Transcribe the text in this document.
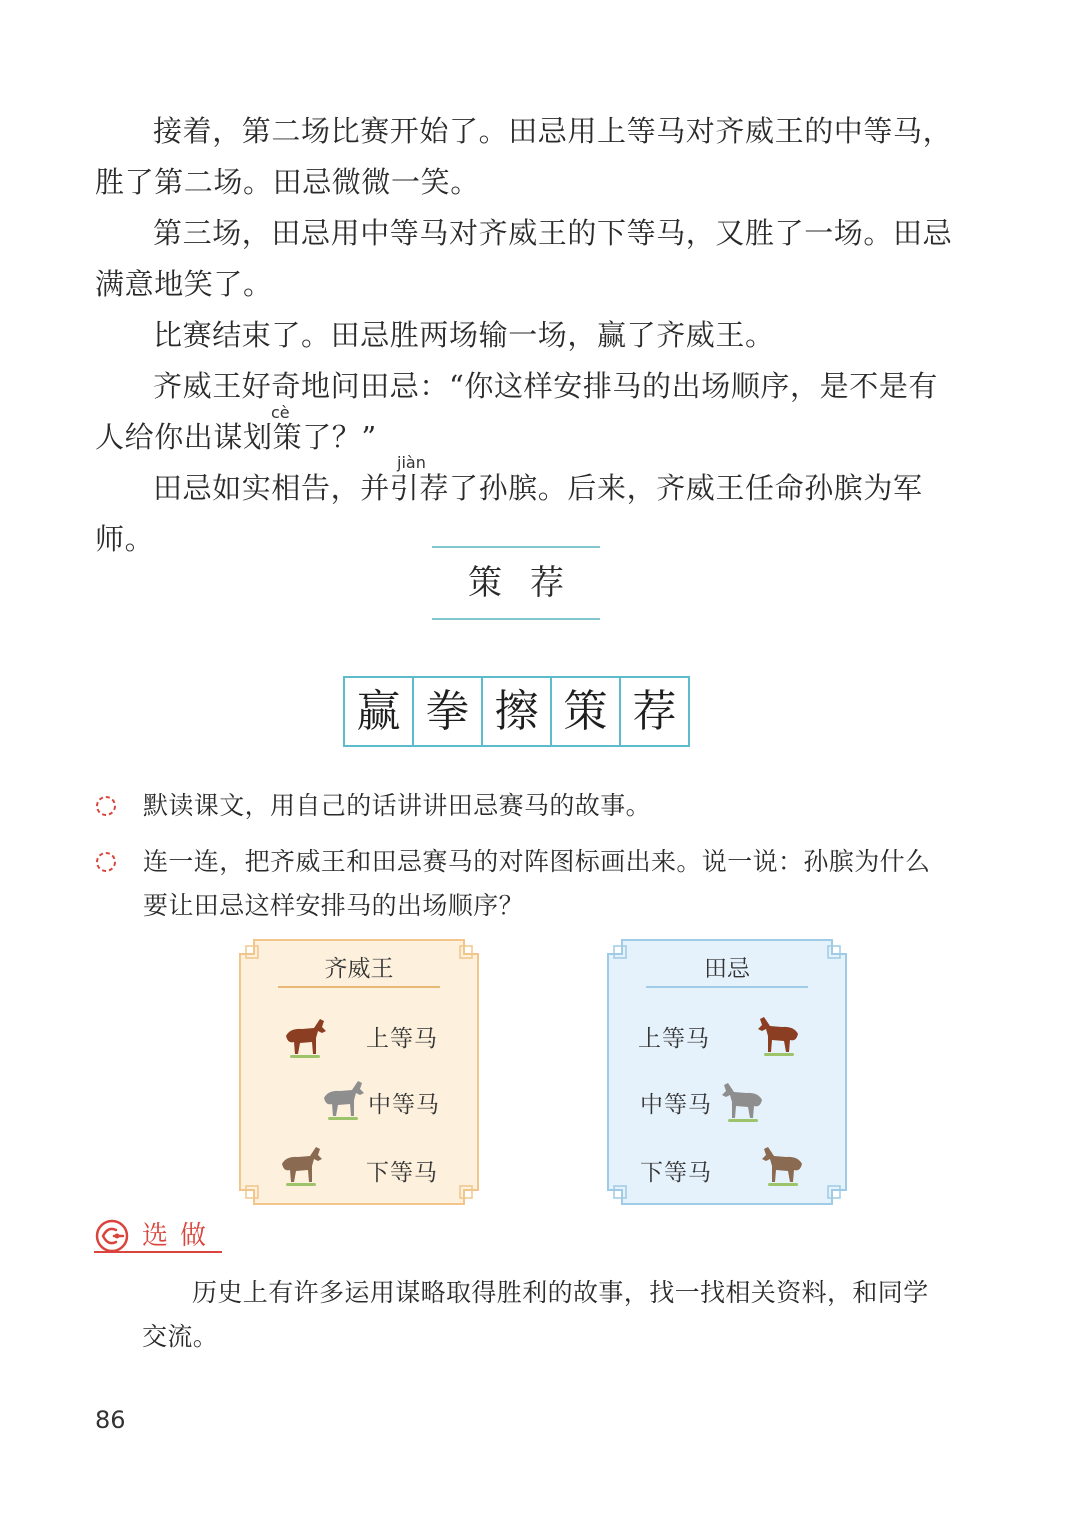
接着，第二场比赛开始了。田忌用上等马对齐威王的中等马，胜了第二场。田忌微微一笑。

第三场，田忌用中等马对齐威王的下等马，又胜了一场。田忌满意地笑了。

比赛结束了。田忌胜两场输一场，赢了齐威王。

齐威王好奇地问田忌：“你这样安排马的出场顺序，是不是有人给你出谋划策了？”

田忌如实相告，并引荐了孙膑。后来，齐威王任命孙膑为军师。

cè
jiàn
策 荐
赢 拳 擦 策 荐
默读课文，用自己的话讲讲田忌赛马的故事。
连一连，把齐威王和田忌赛马的对阵图标画出来。说一说：孙膑为什么要让田忌这样安排马的出场顺序？
齐威王
上等马
中等马
下等马
田忌
上等马
中等马
下等马
选做

历史上有许多运用谋略取得胜利的故事，找一找相关资料，和同学交流。

86
